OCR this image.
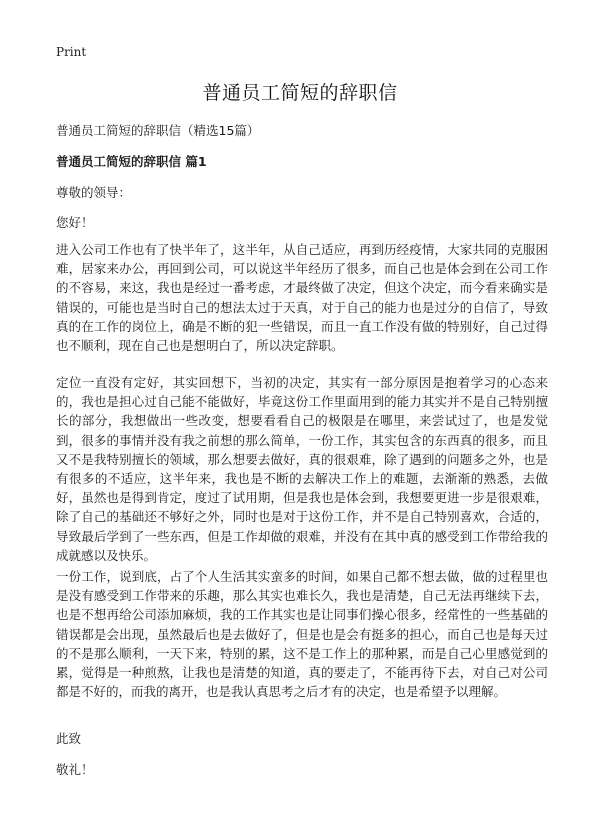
Print
普通员工简短的辞职信
普通员工简短的辞职信（精选15篇）
普通员工简短的辞职信 篇1
尊敬的领导：
您好！

进入公司工作也有了快半年了，这半年，从自己适应，再到历经疫情，大家共同的克服困难，居家来办公，再回到公司，可以说这半年经历了很多，而自己也是体会到在公司工作的不容易，来这，我也是经过一番考虑，才最终做了决定，但这个决定，而今看来确实是错误的，可能也是当时自己的想法太过于天真，对于自己的能力也是过分的自信了，导致真的在工作的岗位上，确是不断的犯一些错误，而且一直工作没有做的特别好，自己过得也不顺利，现在自己也是想明白了，所以决定辞职。

定位一直没有定好，其实回想下，当初的决定，其实有一部分原因是抱着学习的心态来的，我也是担心过自己能不能做好，毕竟这份工作里面用到的能力其实并不是自己特别擅长的部分，我想做出一些改变，想要看看自己的极限是在哪里，来尝试过了，也是发觉到，很多的事情并没有我之前想的那么简单，一份工作，其实包含的东西真的很多，而且又不是我特别擅长的领域，那么想要去做好，真的很艰难，除了遇到的问题多之外，也是有很多的不适应，这半年来，我也是不断的去解决工作上的难题，去渐渐的熟悉，去做好，虽然也是得到肯定，度过了试用期，但是我也是体会到，我想要更进一步是很艰难，除了自己的基础还不够好之外，同时也是对于这份工作，并不是自己特别喜欢，合适的，导致最后学到了一些东西，但是工作却做的艰难，并没有在其中真的感受到工作带给我的成就感以及快乐。

一份工作，说到底，占了个人生活其实蛮多的时间，如果自己都不想去做，做的过程里也是没有感受到工作带来的乐趣，那么其实也难长久，我也是清楚，自己无法再继续下去，也是不想再给公司添加麻烦，我的工作其实也是让同事们操心很多，经常性的一些基础的错误都是会出现，虽然最后也是去做好了，但是也是会有挺多的担心，而自己也是每天过的不是那么顺利，一天下来，特别的累，这不是工作上的那种累，而是自己心里感觉到的累，觉得是一种煎熬，让我也是清楚的知道，真的要走了，不能再待下去，对自己对公司都是不好的，而我的离开，也是我认真思考之后才有的决定，也是希望予以理解。

此致
敬礼！
